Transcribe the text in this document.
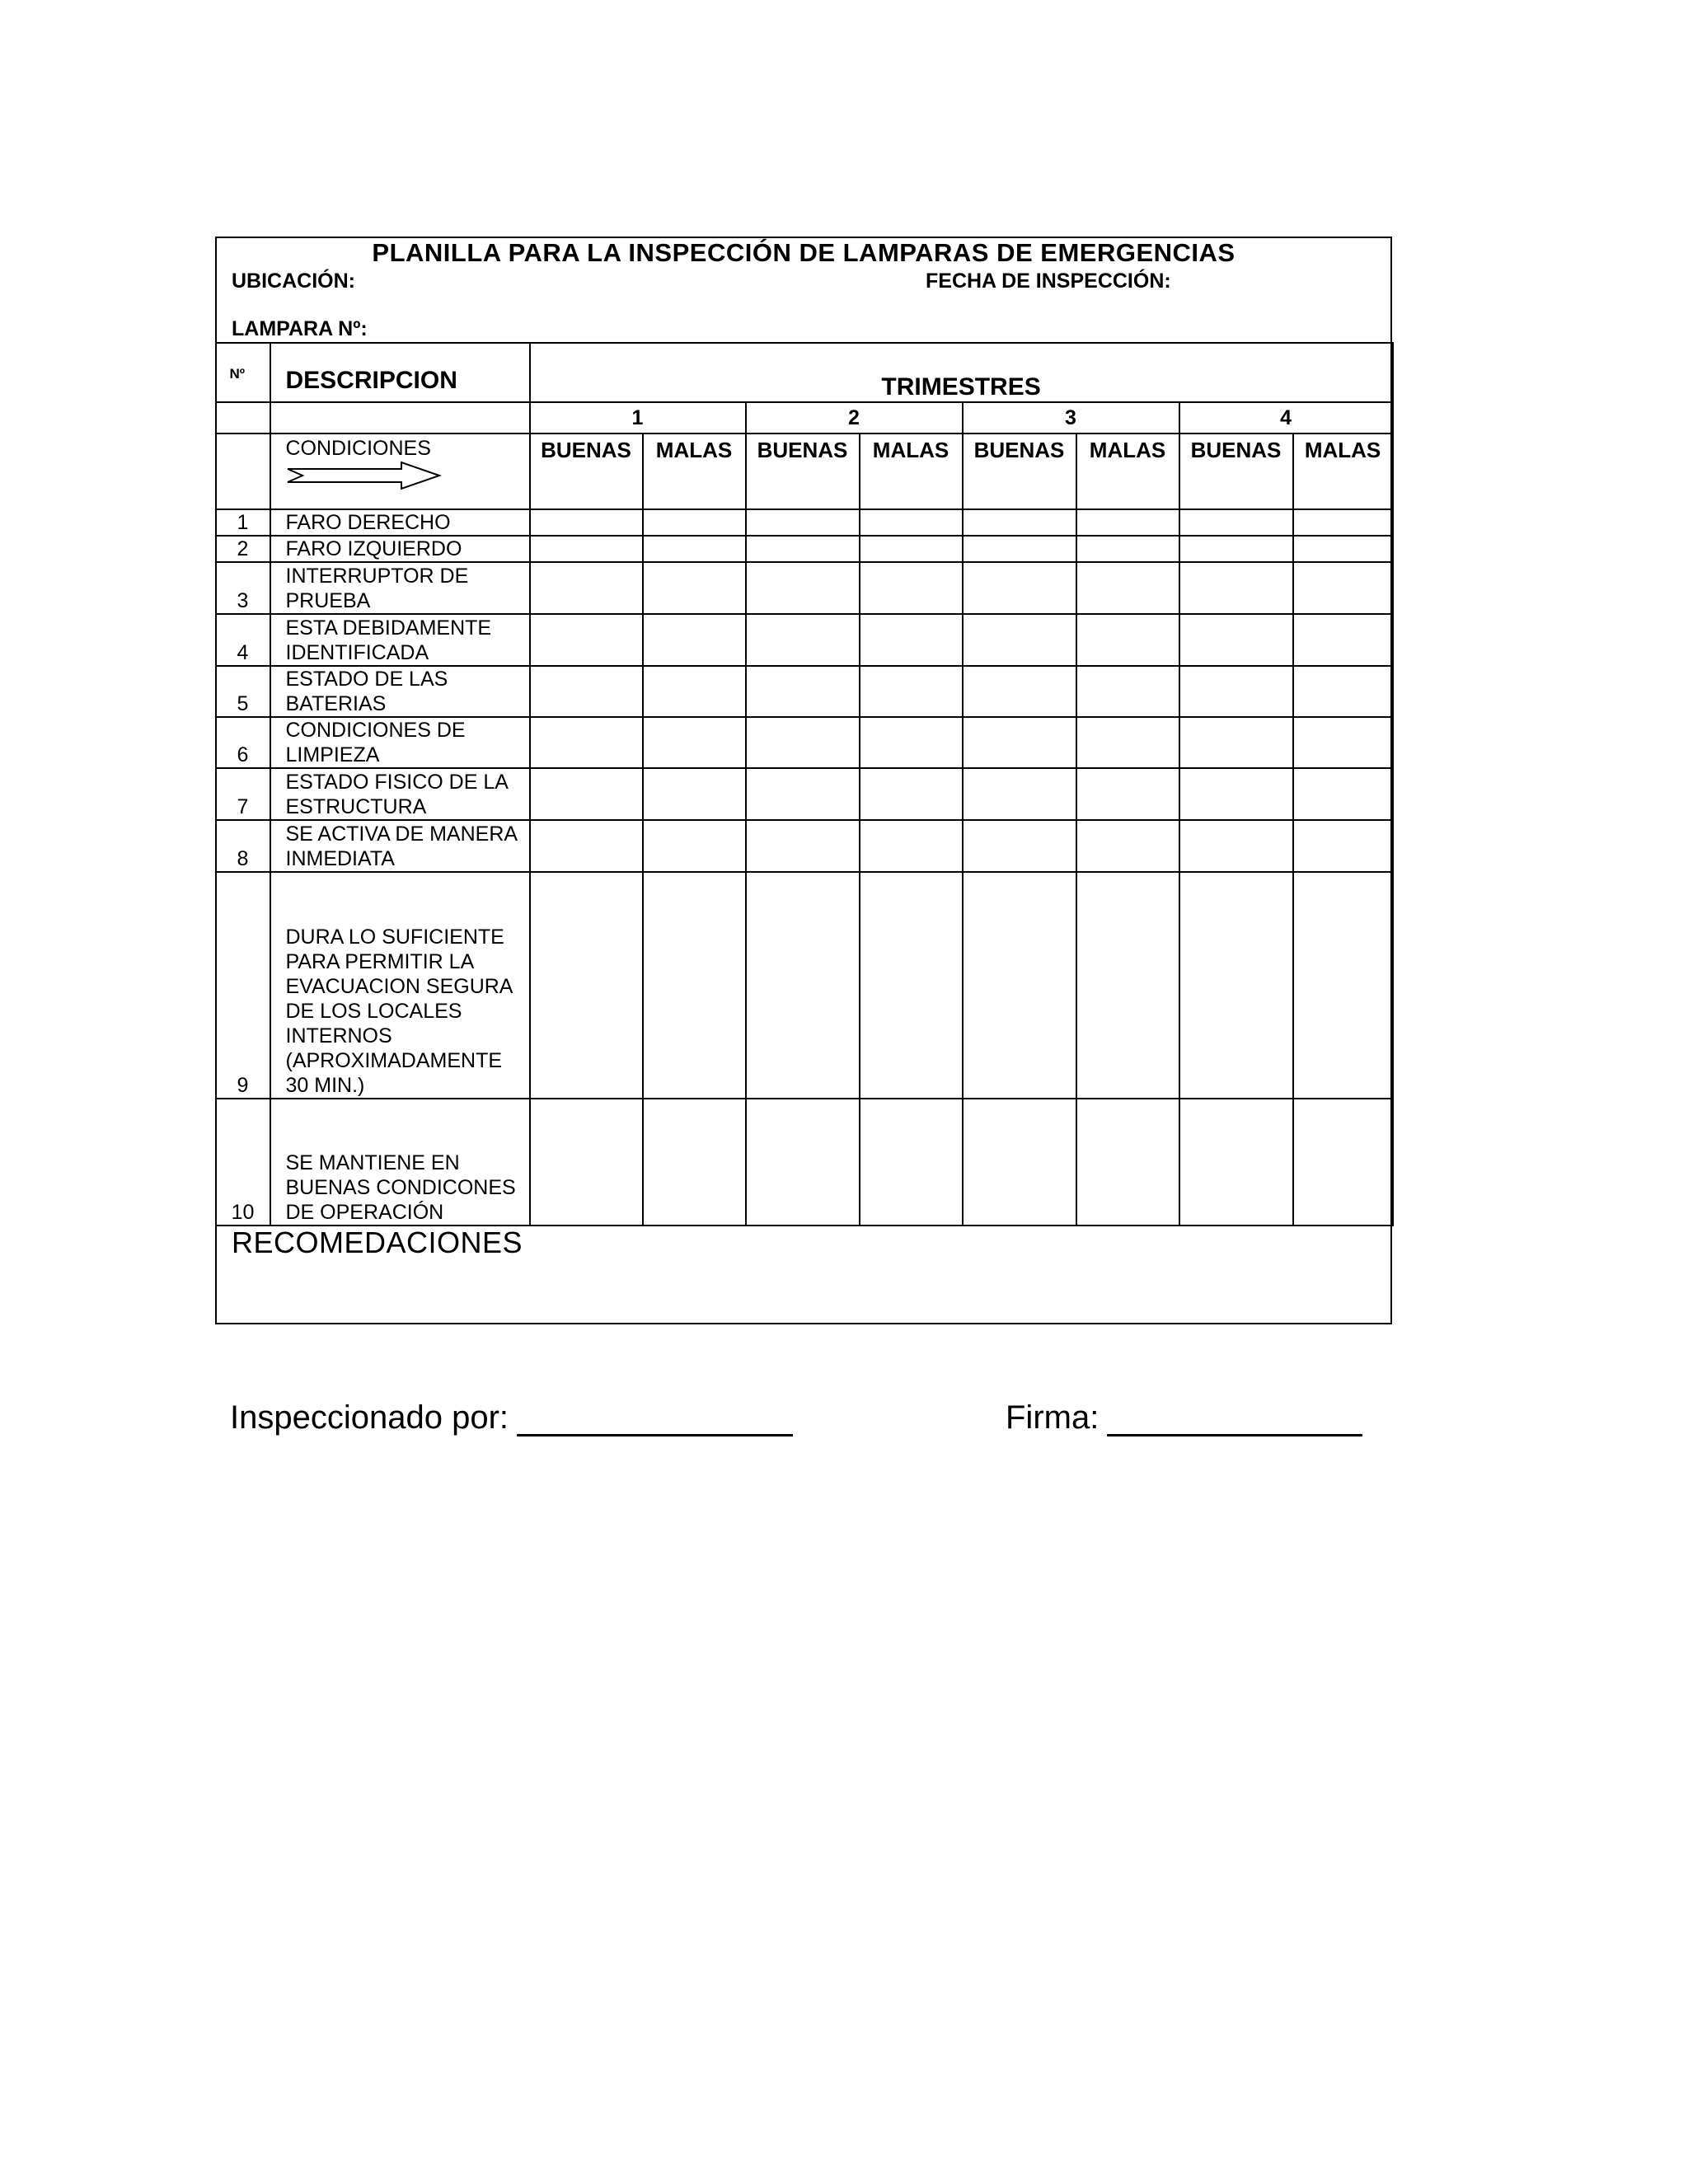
PLANILLA PARA LA INSPECCIÓN DE LAMPARAS DE EMERGENCIAS
UBICACIÓN:	FECHA DE INSPECCIÓN:
LAMPARA Nº:
Nº	DESCRIPCION	TRIMESTRES							
		1		2		3		4	

	CONDICIONES	BUENAS	MALAS	BUENAS	MALAS	BUENAS	MALAS	BUENAS	MALAS
1	FARO DERECHO								
2	FARO IZQUIERDO								
3	INTERRUPTOR DE PRUEBA								
4	ESTA DEBIDAMENTE IDENTIFICADA								
5	ESTADO DE LAS BATERIAS								
6	CONDICIONES DE LIMPIEZA								
7	ESTADO FISICO DE LA ESTRUCTURA								
8	SE ACTIVA DE MANERA INMEDIATA								
9	DURA LO SUFICIENTE PARA PERMITIR LA EVACUACION SEGURA DE LOS LOCALES INTERNOS (APROXIMADAMENTE 30 MIN.)								
10	SE MANTIENE EN BUENAS CONDICONES DE OPERACIÓN								
RECOMEDACIONES
Inspeccionado por:	Firma:
